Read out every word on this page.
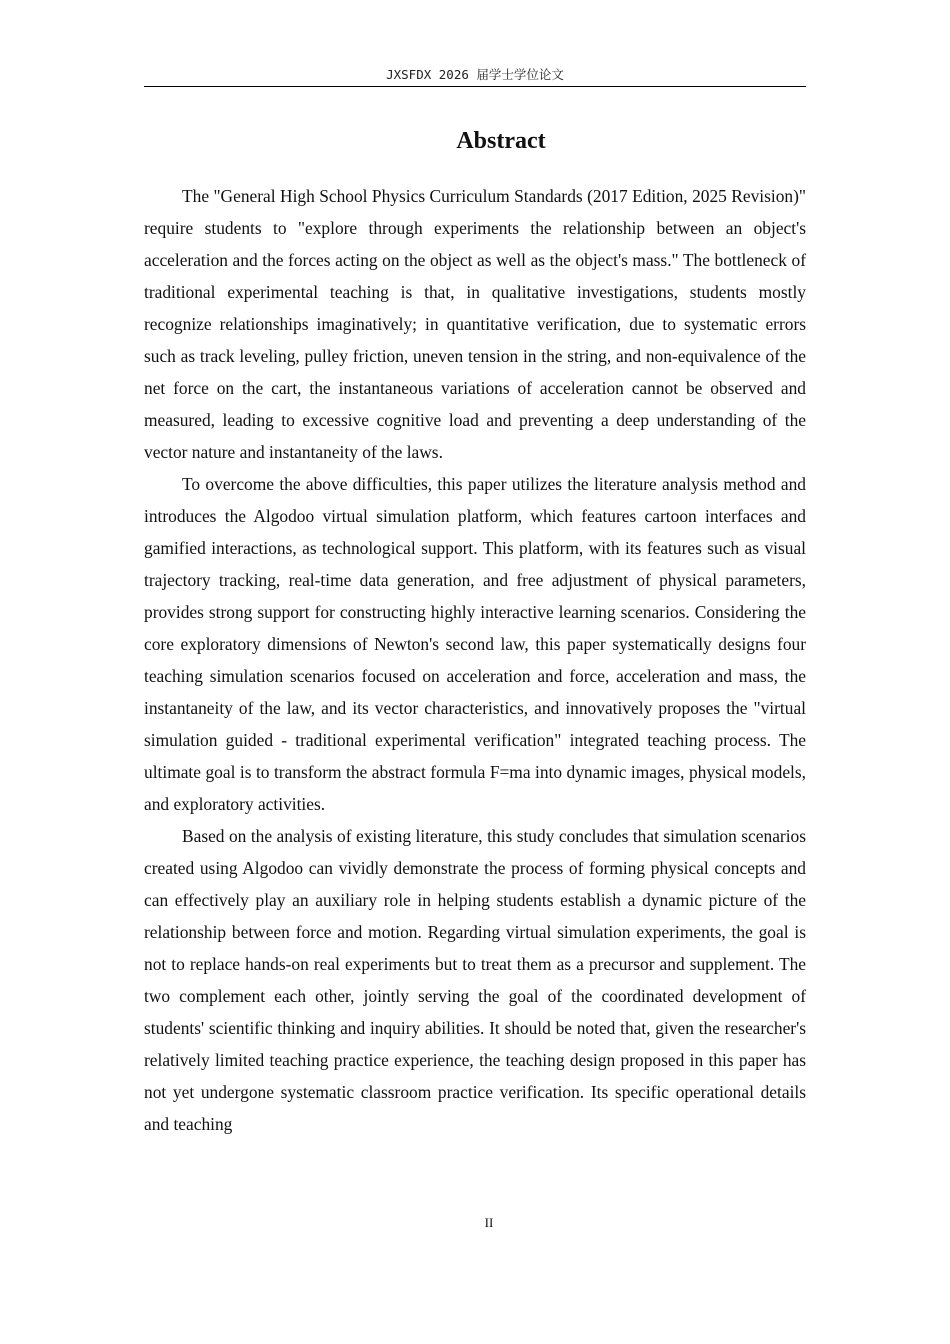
JXSFDX 2026 届学士学位论文
Abstract

The "General High School Physics Curriculum Standards (2017 Edition, 2025 Revision)" require students to "explore through experiments the relationship between an object's acceleration and the forces acting on the object as well as the object's mass." The bottleneck of traditional experimental teaching is that, in qualitative investigations, students mostly recognize relationships imaginatively; in quantitative verification, due to systematic errors such as track leveling, pulley friction, uneven tension in the string, and non-equivalence of the net force on the cart, the instantaneous variations of acceleration cannot be observed and measured, leading to excessive cognitive load and preventing a deep understanding of the vector nature and instantaneity of the laws.

To overcome the above difficulties, this paper utilizes the literature analysis method and introduces the Algodoo virtual simulation platform, which features cartoon interfaces and gamified interactions, as technological support. This platform, with its features such as visual trajectory tracking, real-time data generation, and free adjustment of physical parameters, provides strong support for constructing highly interactive learning scenarios. Considering the core exploratory dimensions of Newton's second law, this paper systematically designs four teaching simulation scenarios focused on acceleration and force, acceleration and mass, the instantaneity of the law, and its vector characteristics, and innovatively proposes the "virtual simulation guided - traditional experimental verification" integrated teaching process. The ultimate goal is to transform the abstract formula F=ma into dynamic images, physical models, and exploratory activities.

Based on the analysis of existing literature, this study concludes that simulation scenarios created using Algodoo can vividly demonstrate the process of forming physical concepts and can effectively play an auxiliary role in helping students establish a dynamic picture of the relationship between force and motion. Regarding virtual simulation experiments, the goal is not to replace hands-on real experiments but to treat them as a precursor and supplement. The two complement each other, jointly serving the goal of the coordinated development of students' scientific thinking and inquiry abilities. It should be noted that, given the researcher's relatively limited teaching practice experience, the teaching design proposed in this paper has not yet undergone systematic classroom practice verification. Its specific operational details and teaching

II
